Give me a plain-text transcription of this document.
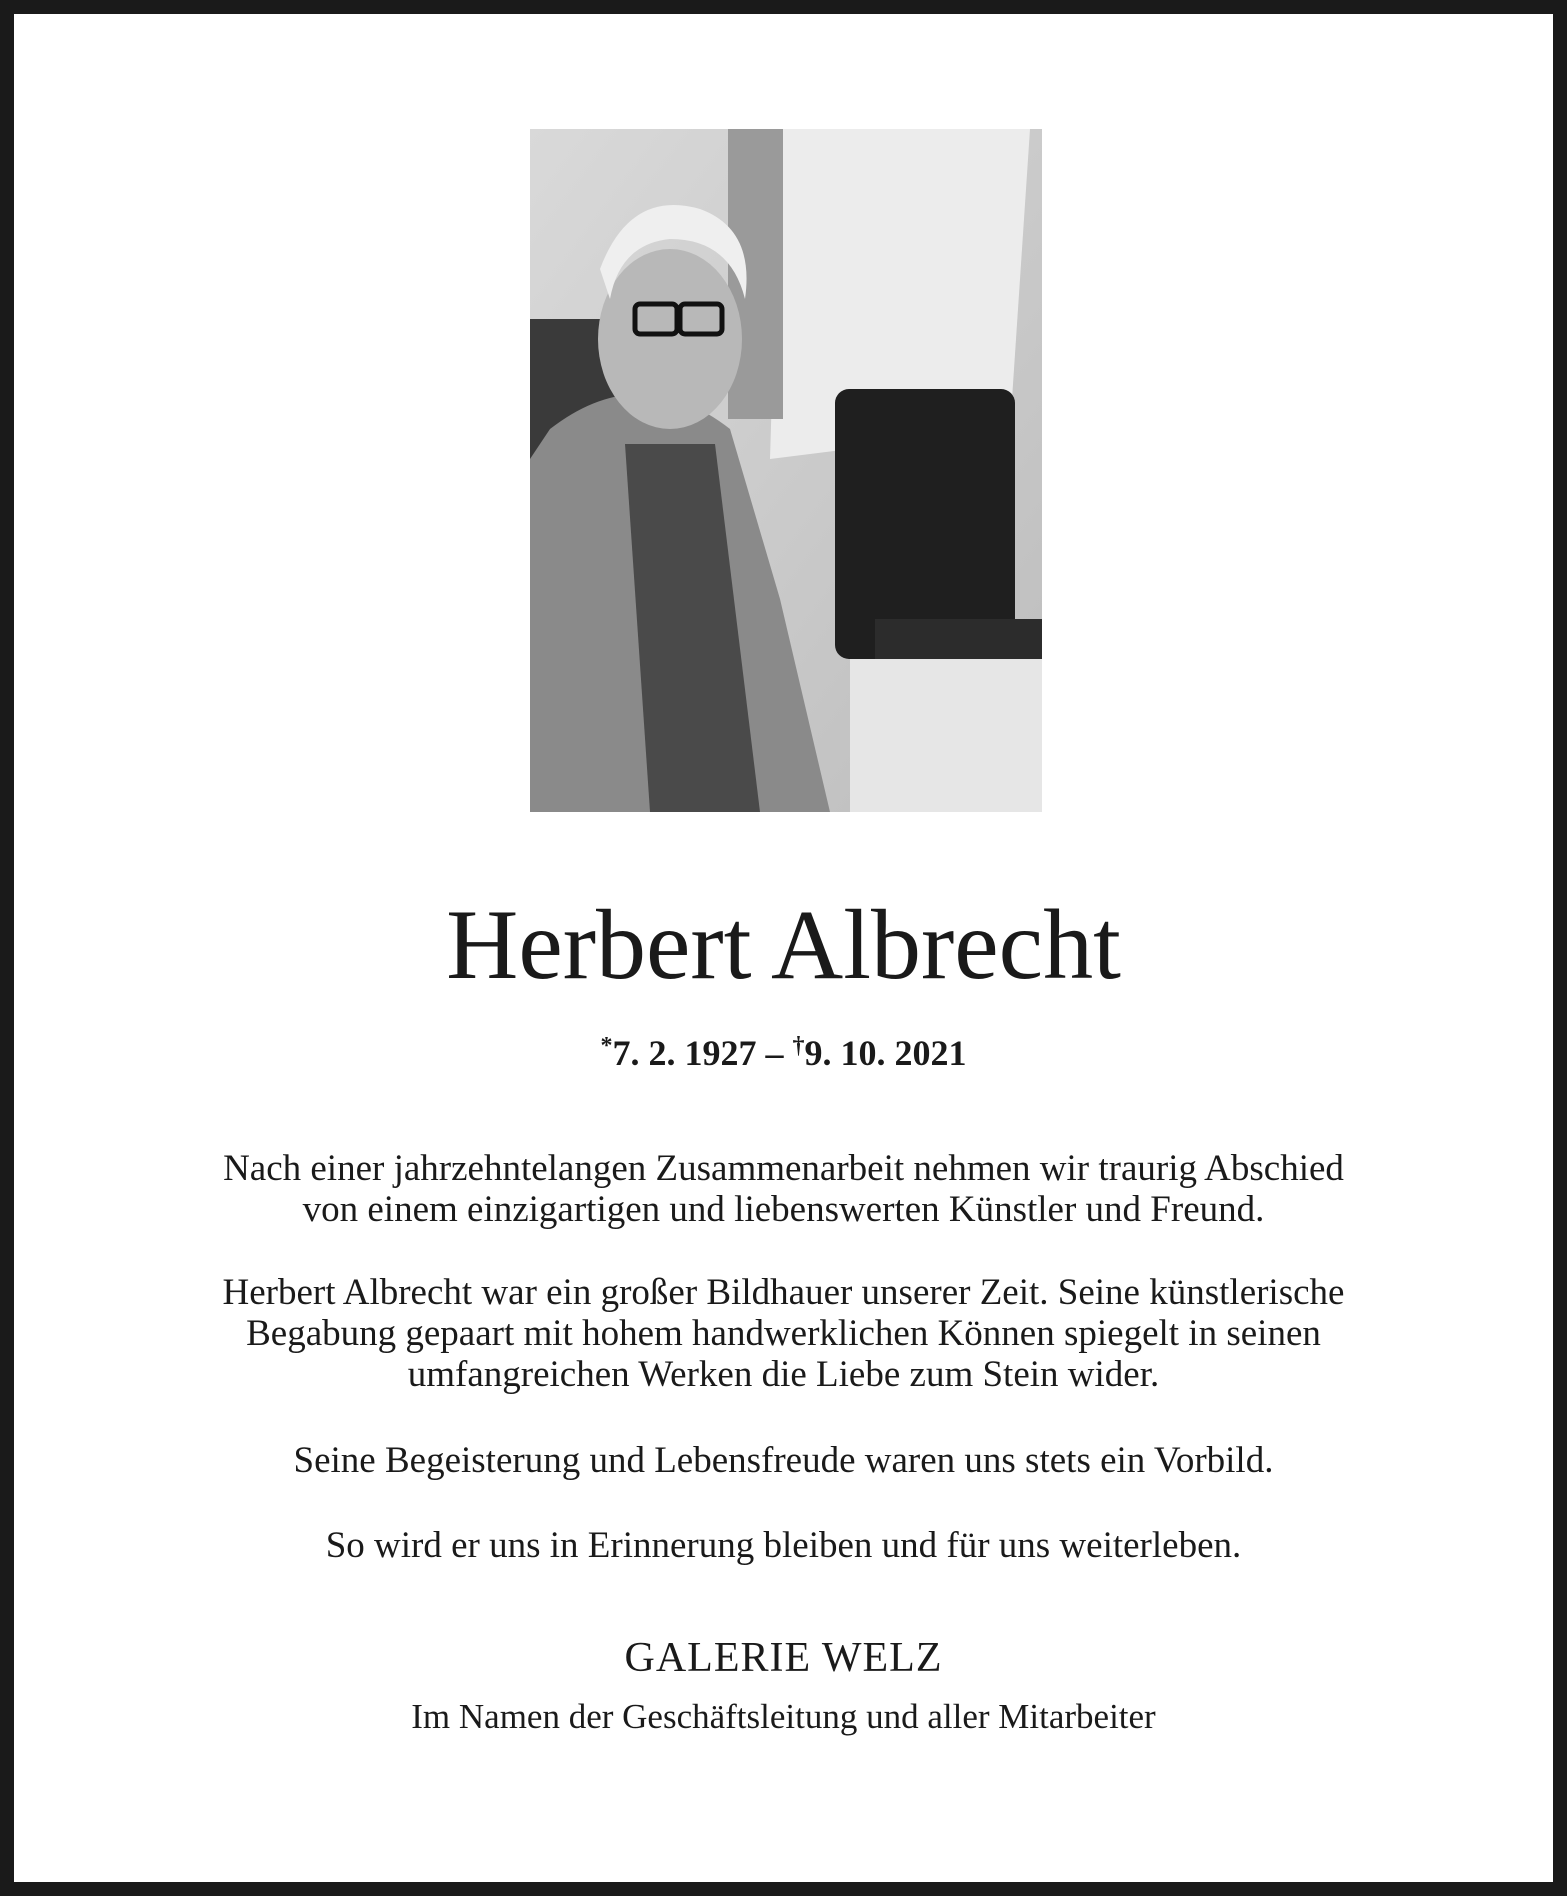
Herbert Albrecht
*7. 2. 1927 – †9. 10. 2021
Nach einer jahrzehntelangen Zusammenarbeit nehmen wir traurig Abschied
von einem einzigartigen und liebenswerten Künstler und Freund.
Herbert Albrecht war ein großer Bildhauer unserer Zeit. Seine künstlerische
Begabung gepaart mit hohem handwerklichen Können spiegelt in seinen
umfangreichen Werken die Liebe zum Stein wider.
Seine Begeisterung und Lebensfreude waren uns stets ein Vorbild.
So wird er uns in Erinnerung bleiben und für uns weiterleben.
GALERIE WELZ
Im Namen der Geschäftsleitung und aller Mitarbeiter
